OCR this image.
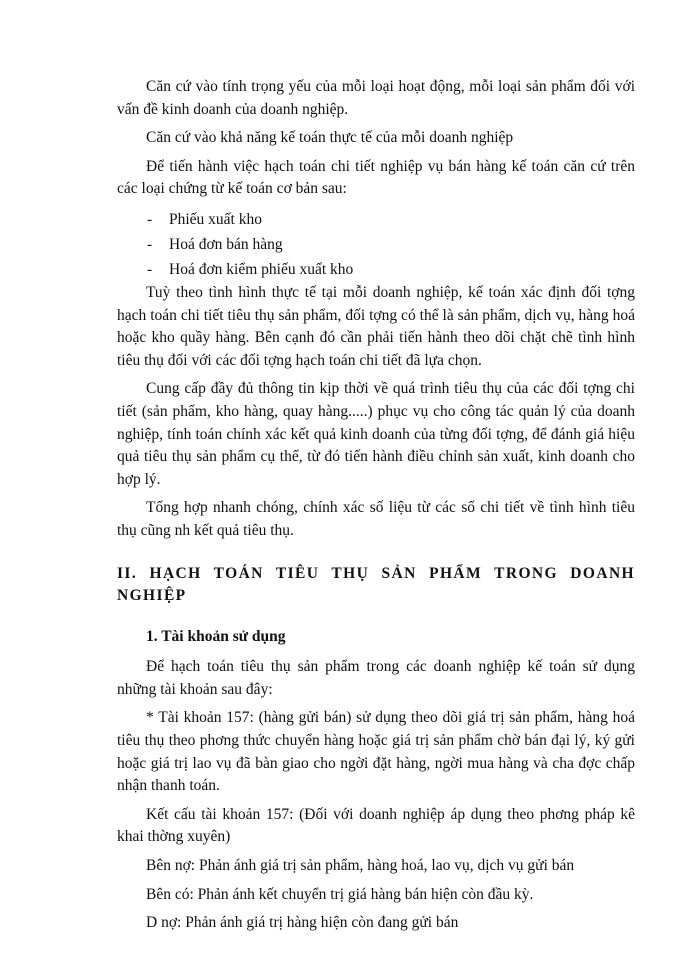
Căn cứ vào tính trọng yếu của mỗi loại hoạt động, mỗi loại sản phẩm đối với vấn đề kinh doanh của doanh nghiệp.

Căn cứ vào khả năng kế toán thực tế của mỗi doanh nghiệp

Để tiến hành việc hạch toán chi tiết nghiệp vụ bán hàng kế toán căn cứ trên các loại chứng từ kế toán cơ bản sau:

- Phiếu xuất kho
- Hoá đơn bán hàng
- Hoá đơn kiểm phiếu xuất kho

Tuỳ theo tình hình thực tế tại mỗi doanh nghiệp, kế toán xác định đối tợng hạch toán chi tiết tiêu thụ sản phẩm, đối tợng có thể là sản phẩm, dịch vụ, hàng hoá hoặc kho quầy hàng. Bên cạnh đó cần phải tiến hành theo dõi chặt chẽ tình hình tiêu thụ đối với các đối tợng hạch toán chi tiết đã lựa chọn.

Cung cấp đầy đủ thông tin kịp thời về quá trình tiêu thụ của các đối tợng chi tiết (sản phẩm, kho hàng, quay hàng.....) phục vụ cho công tác quản lý của doanh nghiệp, tính toán chính xác kết quả kinh doanh của từng đối tợng, để đánh giá hiệu quả tiêu thụ sản phẩm cụ thể, từ đó tiến hành điều chỉnh sản xuất, kinh doanh cho hợp lý.

Tổng hợp nhanh chóng, chính xác số liệu từ các sổ chi tiết về tình hình tiêu thụ cũng nh kết quả tiêu thụ.

II. HẠCH TOÁN TIÊU THỤ SẢN PHẨM TRONG DOANH NGHIỆP

1. Tài khoản sử dụng

Để hạch toán tiêu thụ sản phẩm trong các doanh nghiệp kế toán sử dụng những tài khoản sau đây:

* Tài khoản 157: (hàng gửi bán) sử dụng theo dõi giá trị sản phẩm, hàng hoá tiêu thụ theo phơng thức chuyển hàng hoặc giá trị sản phẩm chờ bán đại lý, ký gửi hoặc giá trị lao vụ đã bàn giao cho ngời đặt hàng, ngời mua hàng và cha đợc chấp nhận thanh toán.

Kết cấu tài khoản 157: (Đối với doanh nghiệp áp dụng theo phơng pháp kê khai thờng xuyên)

Bên nợ: Phản ánh giá trị sản phẩm, hàng hoá, lao vụ, dịch vụ gửi bán

Bên có: Phản ánh kết chuyển trị giá hàng bán hiện còn đầu kỳ.

D nợ: Phản ánh giá trị hàng hiện còn đang gửi bán
